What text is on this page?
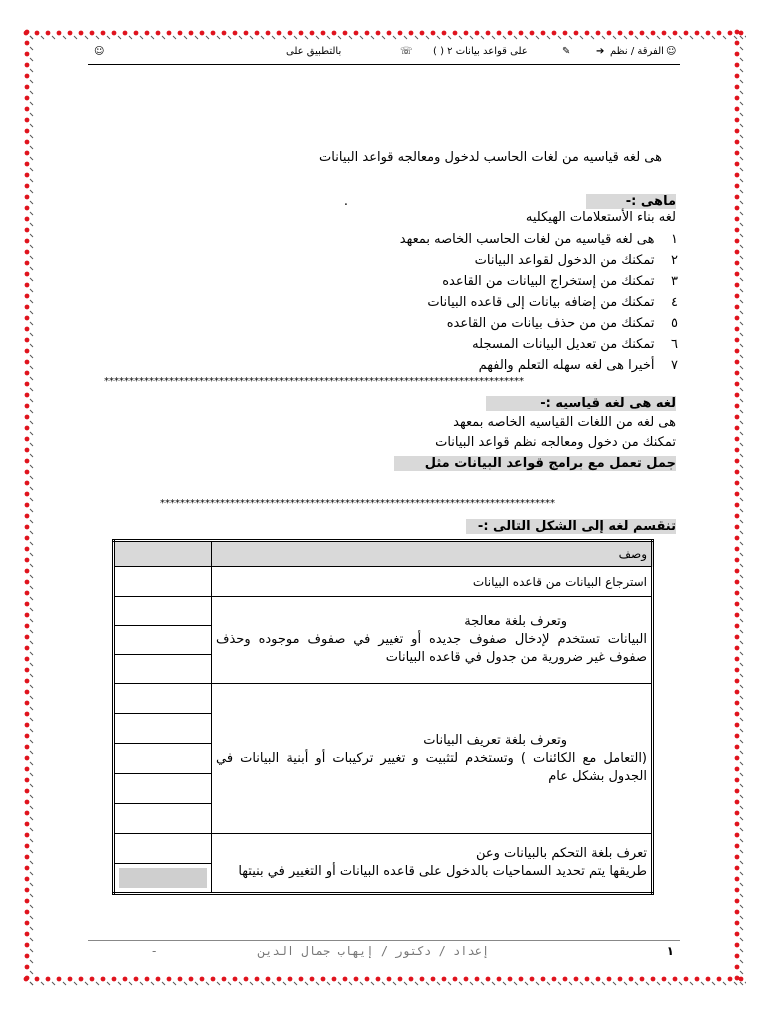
☺	بالتطبيق على	☏ على قواعد بيانات ٢ ( )	✎	➔ الفرقة / نظم ☺
هى لغه قياسيه من لغات الحاسب لدخول ومعالجه قواعد البيانات
ماهى :-
.
لغه بناء الأستعلامات الهيكليه
١    هى لغه قياسيه من لغات الحاسب الخاصه بمعهد
٢    تمكنك من الدخول لقواعد البيانات
٣    تمكنك من إستخراج البيانات من القاعده
٤    تمكنك من إضافه بيانات إلى قاعده البيانات
٥    تمكنك من من حذف بيانات من القاعده
٦    تمكنك من تعديل البيانات المسجله
٧    أخيرا هى لغه سهله التعلم والفهم
************************************************************************************
لغه هى لغه قياسيه :-
هى لغه من اللغات القياسيه الخاصه بمعهد
تمكنك من دخول ومعالجه نظم قواعد البيانات
جمل تعمل مع برامج قواعد البيانات مثل
*******************************************************************************
تنقسم لغه إلى الشكل التالى :-
	وصف
	استرجاع البيانات من قاعده البيانات

	وتعرف بلغة معالجة
البيانات تستخدم لإدخال صفوف جديده أو تغيير في صفوف موجوده وحذف صفوف غير ضرورية من جدول في قاعده البيانات

	وتعرف بلغة تعريف البيانات
(التعامل مع الكائنات ) وتستخدم لتثبيت و تغيير تركيبات أو أبنية البيانات في الجدول بشكل عام

	تعرف بلغة التحكم بالبيانات وعن
طريقها يتم تحديد السماحيات بالدخول على قاعده البيانات أو التغيير في بنيتها

-	إعداد / دكتور / إيهاب جمال الدين	١
